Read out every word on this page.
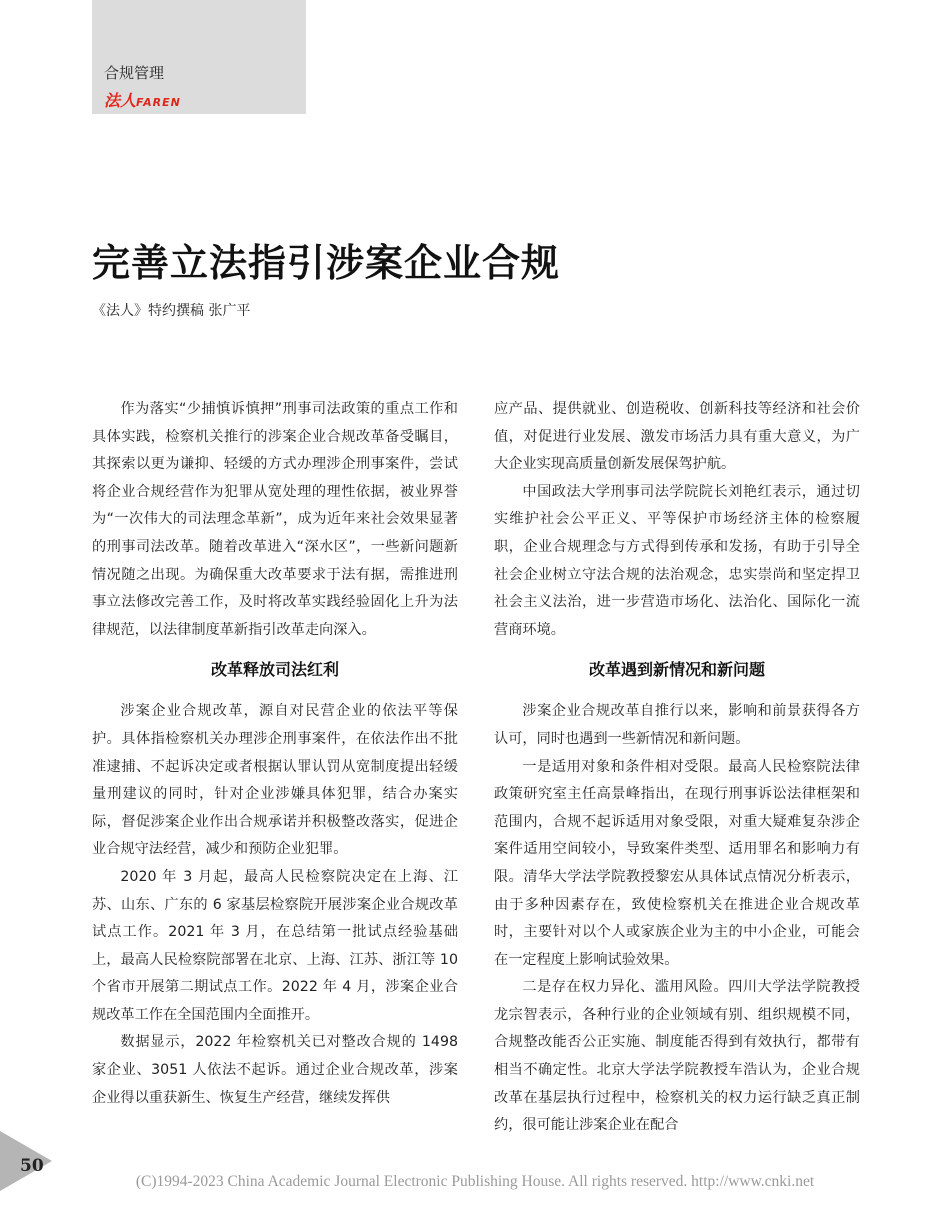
合规管理
法人FAREN
完善立法指引涉案企业合规
《法人》特约撰稿 张广平

作为落实“少捕慎诉慎押”刑事司法政策的重点工作和具体实践，检察机关推行的涉案企业合规改革备受瞩目，其探索以更为谦抑、轻缓的方式办理涉企刑事案件，尝试将企业合规经营作为犯罪从宽处理的理性依据，被业界誉为“一次伟大的司法理念革新”，成为近年来社会效果显著的刑事司法改革。随着改革进入“深水区”，一些新问题新情况随之出现。为确保重大改革要求于法有据，需推进刑事立法修改完善工作，及时将改革实践经验固化上升为法律规范，以法律制度革新指引改革走向深入。

改革释放司法红利

涉案企业合规改革，源自对民营企业的依法平等保护。具体指检察机关办理涉企刑事案件，在依法作出不批准逮捕、不起诉决定或者根据认罪认罚从宽制度提出轻缓量刑建议的同时，针对企业涉嫌具体犯罪，结合办案实际，督促涉案企业作出合规承诺并积极整改落实，促进企业合规守法经营，减少和预防企业犯罪。

2020 年 3 月起，最高人民检察院决定在上海、江苏、山东、广东的 6 家基层检察院开展涉案企业合规改革试点工作。2021 年 3 月，在总结第一批试点经验基础上，最高人民检察院部署在北京、上海、江苏、浙江等 10 个省市开展第二期试点工作。2022 年 4 月，涉案企业合规改革工作在全国范围内全面推开。

数据显示，2022 年检察机关已对整改合规的 1498 家企业、3051 人依法不起诉。通过企业合规改革，涉案企业得以重获新生、恢复生产经营，继续发挥供

应产品、提供就业、创造税收、创新科技等经济和社会价值，对促进行业发展、激发市场活力具有重大意义，为广大企业实现高质量创新发展保驾护航。

中国政法大学刑事司法学院院长刘艳红表示，通过切实维护社会公平正义、平等保护市场经济主体的检察履职，企业合规理念与方式得到传承和发扬，有助于引导全社会企业树立守法合规的法治观念，忠实崇尚和坚定捍卫社会主义法治，进一步营造市场化、法治化、国际化一流营商环境。

改革遇到新情况和新问题

涉案企业合规改革自推行以来，影响和前景获得各方认可，同时也遇到一些新情况和新问题。

一是适用对象和条件相对受限。最高人民检察院法律政策研究室主任高景峰指出，在现行刑事诉讼法律框架和范围内，合规不起诉适用对象受限，对重大疑难复杂涉企案件适用空间较小，导致案件类型、适用罪名和影响力有限。清华大学法学院教授黎宏从具体试点情况分析表示，由于多种因素存在，致使检察机关在推进企业合规改革时，主要针对以个人或家族企业为主的中小企业，可能会在一定程度上影响试验效果。

二是存在权力异化、滥用风险。四川大学法学院教授龙宗智表示，各种行业的企业领域有别、组织规模不同，合规整改能否公正实施、制度能否得到有效执行，都带有相当不确定性。北京大学法学院教授车浩认为，企业合规改革在基层执行过程中，检察机关的权力运行缺乏真正制约，很可能让涉案企业在配合

50
(C)1994-2023 China Academic Journal Electronic Publishing House. All rights reserved. http://www.cnki.net
